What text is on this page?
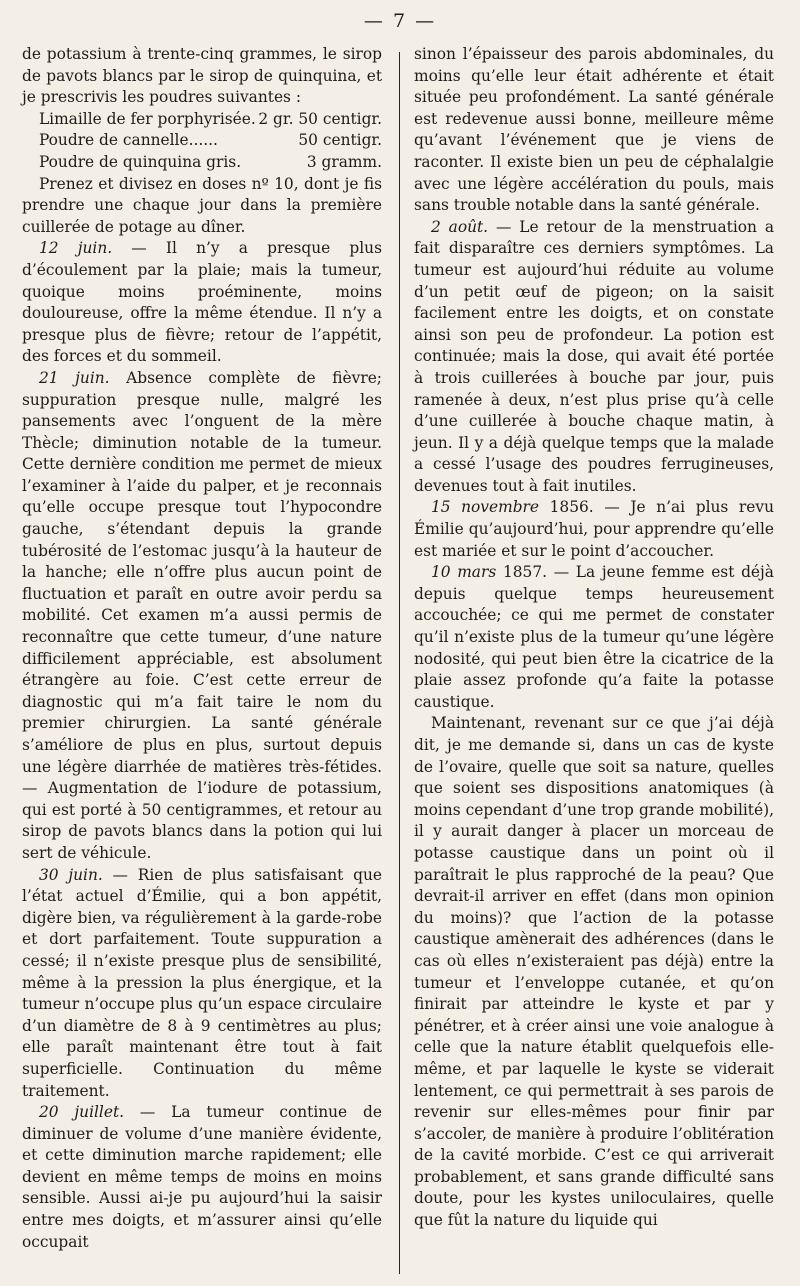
— 7 —

de potassium à trente-cinq grammes, le sirop de pavots blancs par le sirop de quinquina, et je prescrivis les poudres suivantes :

Limaille de fer porphyrisée. 2 gr. 50 centigr.

Poudre de cannelle......	50 centigr.

Poudre de quinquina gris.	3 gramm.

Prenez et divisez en doses nº 10, dont je fis prendre une chaque jour dans la première cuillerée de potage au dîner.

12 juin. — Il n’y a presque plus d’écoulement par la plaie; mais la tumeur, quoique moins proéminente, moins douloureuse, offre la même étendue. Il n’y a presque plus de fièvre; retour de l’appétit, des forces et du sommeil.

21 juin. Absence complète de fièvre; suppuration presque nulle, malgré les pansements avec l’onguent de la mère Thècle; diminution notable de la tumeur. Cette dernière condition me permet de mieux l’examiner à l’aide du palper, et je reconnais qu’elle occupe presque tout l’hypocondre gauche, s’étendant depuis la grande tubérosité de l’estomac jusqu’à la hauteur de la hanche; elle n’offre plus aucun point de fluctuation et paraît en outre avoir perdu sa mobilité. Cet examen m’a aussi permis de reconnaître que cette tumeur, d’une nature difficilement appréciable, est absolument étrangère au foie. C’est cette erreur de diagnostic qui m’a fait taire le nom du premier chirurgien. La santé générale s’améliore de plus en plus, surtout depuis une légère diarrhée de matières très-fétides. — Augmentation de l’iodure de potassium, qui est porté à 50 centigrammes, et retour au sirop de pavots blancs dans la potion qui lui sert de véhicule.

30 juin. — Rien de plus satisfaisant que l’état actuel d’Émilie, qui a bon appétit, digère bien, va régulièrement à la garde-robe et dort parfaitement. Toute suppuration a cessé; il n’existe presque plus de sensibilité, même à la pression la plus énergique, et la tumeur n’occupe plus qu’un espace circulaire d’un diamètre de 8 à 9 centimètres au plus; elle paraît maintenant être tout à fait superficielle. Continuation du même traitement.

20 juillet. — La tumeur continue de diminuer de volume d’une manière évidente, et cette diminution marche rapidement; elle devient en même temps de moins en moins sensible. Aussi ai-je pu aujourd’hui la saisir entre mes doigts, et m’assurer ainsi qu’elle occupait

sinon l’épaisseur des parois abdominales, du moins qu’elle leur était adhérente et était située peu profondément. La santé générale est redevenue aussi bonne, meilleure même qu’avant l’événement que je viens de raconter. Il existe bien un peu de céphalalgie avec une légère accélération du pouls, mais sans trouble notable dans la santé générale.

2 août. — Le retour de la menstruation a fait disparaître ces derniers symptômes. La tumeur est aujourd’hui réduite au volume d’un petit œuf de pigeon; on la saisit facilement entre les doigts, et on constate ainsi son peu de profondeur. La potion est continuée; mais la dose, qui avait été portée à trois cuillerées à bouche par jour, puis ramenée à deux, n’est plus prise qu’à celle d’une cuillerée à bouche chaque matin, à jeun. Il y a déjà quelque temps que la malade a cessé l’usage des poudres ferrugineuses, devenues tout à fait inutiles.

15 novembre 1856. — Je n’ai plus revu Émilie qu’aujourd’hui, pour apprendre qu’elle est mariée et sur le point d’accoucher.

10 mars 1857. — La jeune femme est déjà depuis quelque temps heureusement accouchée; ce qui me permet de constater qu’il n’existe plus de la tumeur qu’une légère nodosité, qui peut bien être la cicatrice de la plaie assez profonde qu’a faite la potasse caustique.

Maintenant, revenant sur ce que j’ai déjà dit, je me demande si, dans un cas de kyste de l’ovaire, quelle que soit sa nature, quelles que soient ses dispositions anatomiques (à moins cependant d’une trop grande mobilité), il y aurait danger à placer un morceau de potasse caustique dans un point où il paraîtrait le plus rapproché de la peau? Que devrait-il arriver en effet (dans mon opinion du moins)? que l’action de la potasse caustique amènerait des adhérences (dans le cas où elles n’existeraient pas déjà) entre la tumeur et l’enveloppe cutanée, et qu’on finirait par atteindre le kyste et par y pénétrer, et à créer ainsi une voie analogue à celle que la nature établit quelquefois elle-même, et par laquelle le kyste se viderait lentement, ce qui permettrait à ses parois de revenir sur elles-mêmes pour finir par s’accoler, de manière à produire l’oblitération de la cavité morbide. C’est ce qui arriverait probablement, et sans grande difficulté sans doute, pour les kystes uniloculaires, quelle que fût la nature du liquide qui
